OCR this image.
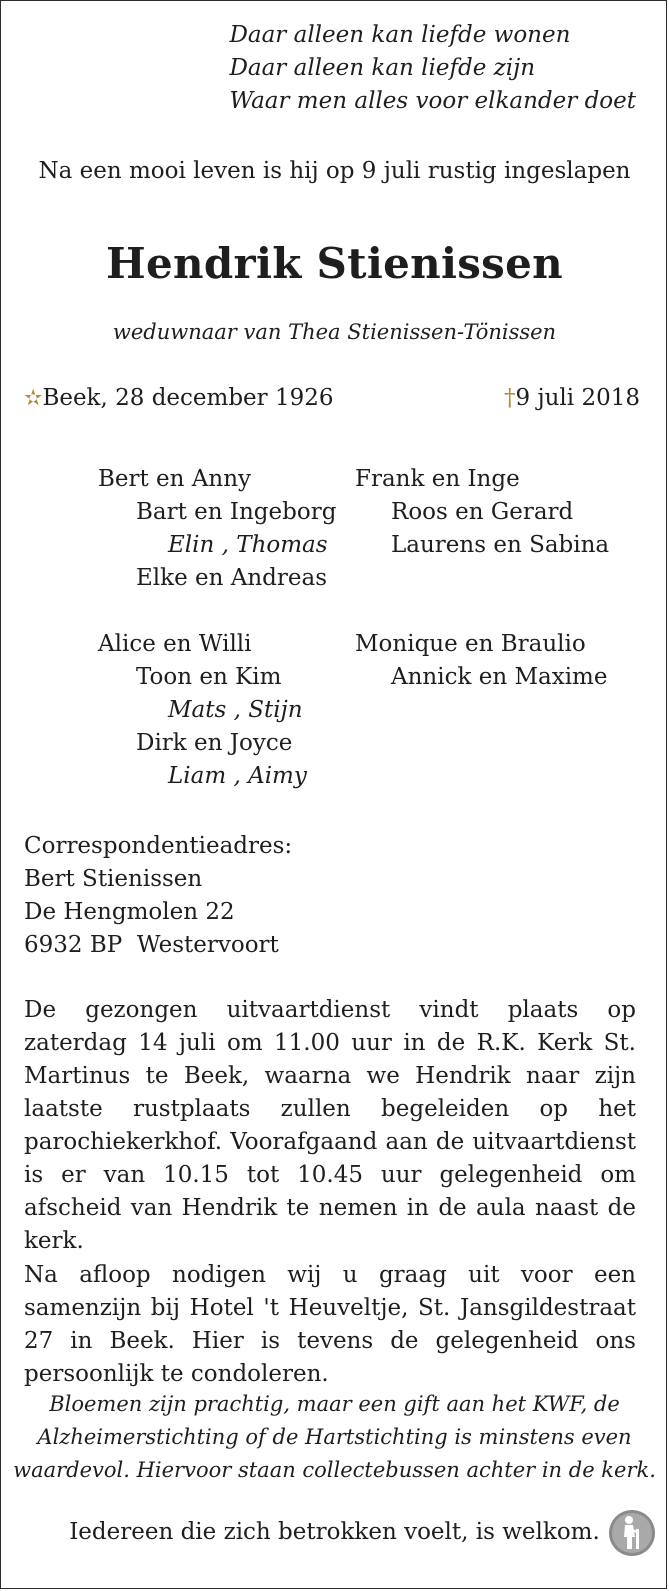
Daar alleen kan liefde wonen
Daar alleen kan liefde zijn
Waar men alles voor elkander doet
Na een mooi leven is hij op 9 juli rustig ingeslapen
Hendrik Stienissen
weduwnaar van Thea Stienissen-Tönissen
✫Beek, 28 december 1926	†9 juli 2018
Bert en Anny
Bart en Ingeborg
Elin , Thomas
Elke en Andreas
Frank en Inge
Roos en Gerard
Laurens en Sabina
Alice en Willi
Toon en Kim
Mats , Stijn
Dirk en Joyce
Liam , Aimy
Monique en Braulio
Annick en Maxime
Correspondentieadres:
Bert Stienissen
De Hengmolen 22
6932 BP  Westervoort
De gezongen uitvaartdienst vindt plaats op zaterdag 14 juli om 11.00 uur in de R.K. Kerk St. Martinus te Beek, waarna we Hendrik naar zijn laatste rustplaats zullen begeleiden op het parochiekerkhof. Voorafgaand aan de uitvaartdienst is er van 10.15 tot 10.45 uur gelegenheid om afscheid van Hendrik te nemen in de aula naast de kerk.
Na afloop nodigen wij u graag uit voor een samenzijn bij Hotel 't Heuveltje, St. Jansgildestraat 27 in Beek. Hier is tevens de gelegenheid ons persoonlijk te condoleren.
Bloemen zijn prachtig, maar een gift aan het KWF, de
Alzheimerstichting of de Hartstichting is minstens even
waardevol. Hiervoor staan collectebussen achter in de kerk.
Iedereen die zich betrokken voelt, is welkom.
